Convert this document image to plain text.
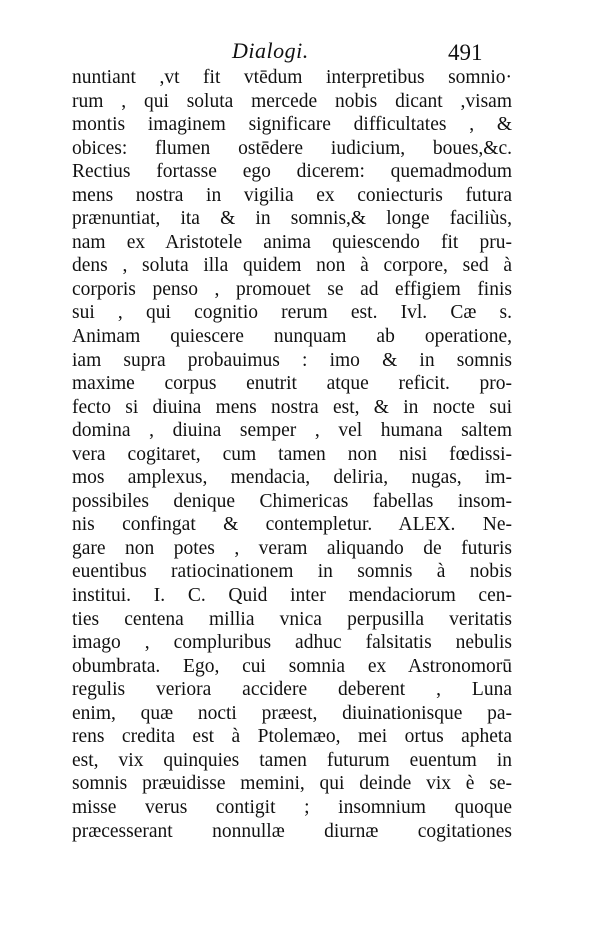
Dialogi.	491
nuntiant ,vt fit vtēdum interpretibus somnio·
rum , qui soluta mercede nobis dicant ,visam
montis imaginem significare difficultates , &
obices: flumen ostēdere iudicium, boues,&c.
Rectius fortasse ego dicerem: quemadmodum
mens nostra in vigilia ex coniecturis futura
prænuntiat, ita & in somnis,& longe faciliùs,
nam ex Aristotele anima quiescendo fit pru-
dens , soluta illa quidem non à corpore, sed à
corporis penso , promouet se ad effigiem finis
sui , qui cognitio rerum est. Ivl. Cæ s.
Animam quiescere nunquam ab operatione,
iam supra probauimus : imo & in somnis
maxime corpus enutrit atque reficit. pro-
fecto si diuina mens nostra est, & in nocte sui
domina , diuina semper , vel humana saltem
vera cogitaret, cum tamen non nisi fœdissi-
mos amplexus, mendacia, deliria, nugas, im-
possibiles denique Chimericas fabellas insom-
nis confingat & contempletur. ALEX. Ne-
gare non potes , veram aliquando de futuris
euentibus ratiocinationem in somnis à nobis
institui. I. C. Quid inter mendaciorum cen-
ties centena millia vnica perpusilla veritatis
imago , compluribus adhuc falsitatis nebulis
obumbrata. Ego, cui somnia ex Astronomorū
regulis veriora accidere deberent , Luna
enim, quæ nocti præest, diuinationisque pa-
rens credita est à Ptolemæo, mei ortus apheta
est, vix quinquies tamen futurum euentum in
somnis præuidisse memini, qui deinde vix è se-
misse verus contigit ; insomnium quoque
præcesserant nonnullæ diurnæ cogitationes
